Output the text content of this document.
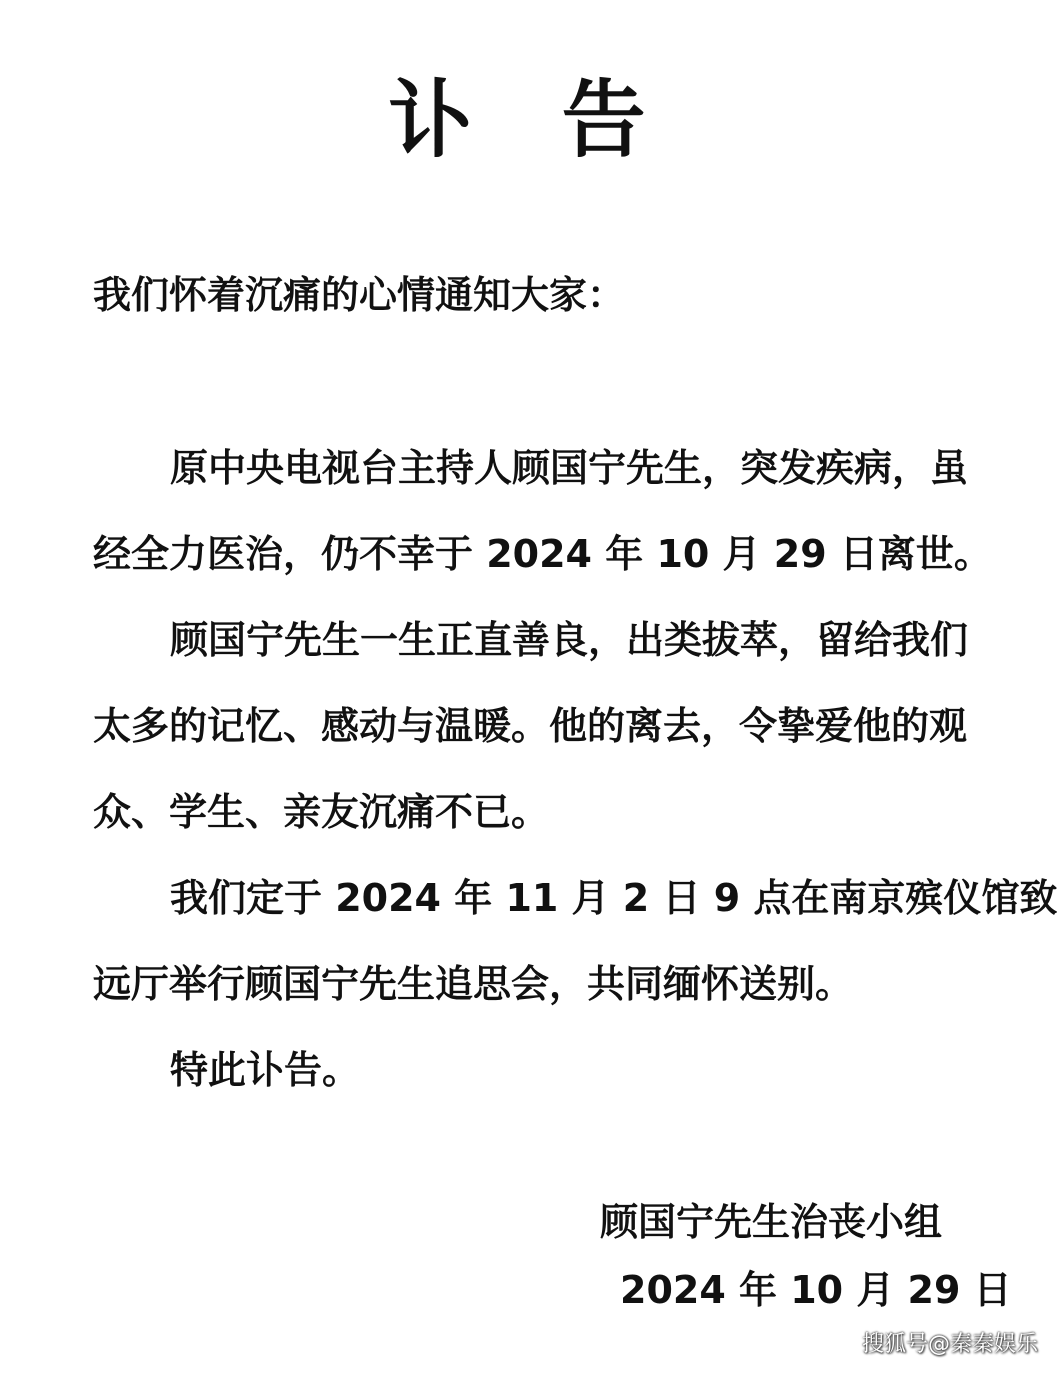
讣 告
我们怀着沉痛的心情通知大家：
原中央电视台主持人顾国宁先生，突发疾病，虽
经全力医治，仍不幸于 2024 年 10 月 29 日离世。
顾国宁先生一生正直善良，出类拔萃，留给我们
太多的记忆、感动与温暖。他的离去，令挚爱他的观
众、学生、亲友沉痛不已。
我们定于 2024 年 11 月 2 日 9 点在南京殡仪馆致
远厅举行顾国宁先生追思会，共同缅怀送别。
特此讣告。
顾国宁先生治丧小组
2024 年 10 月 29 日
搜狐号@秦秦娱乐
